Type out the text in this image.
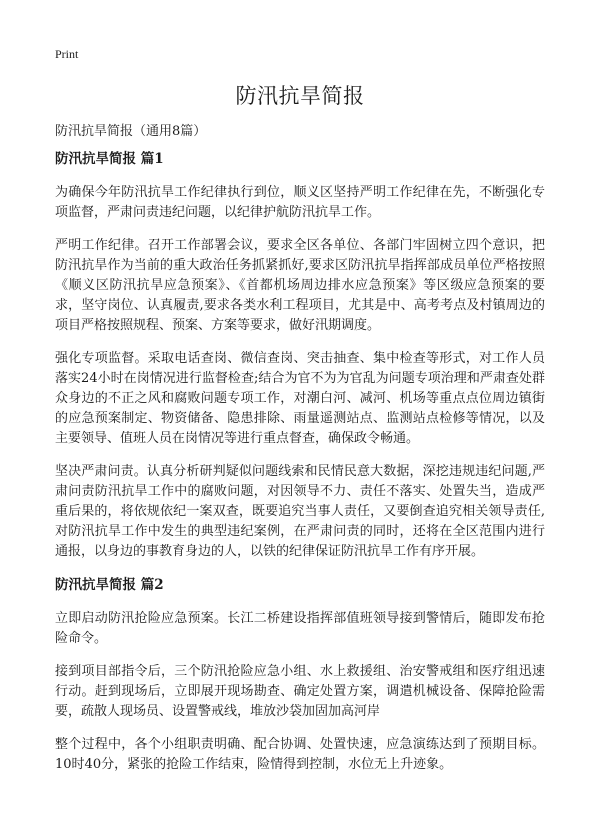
Print
防汛抗旱简报

防汛抗旱简报（通用8篇）

防汛抗旱简报 篇1

为确保今年防汛抗旱工作纪律执行到位，顺义区坚持严明工作纪律在先，不断强化专项监督，严肃问责违纪问题，以纪律护航防汛抗旱工作。

严明工作纪律。召开工作部署会议，要求全区各单位、各部门牢固树立四个意识，把防汛抗旱作为当前的重大政治任务抓紧抓好,要求区防汛抗旱指挥部成员单位严格按照《顺义区防汛抗旱应急预案》、《首都机场周边排水应急预案》等区级应急预案的要求，坚守岗位、认真履责,要求各类水利工程项目，尤其是中、高考考点及村镇周边的项目严格按照规程、预案、方案等要求，做好汛期调度。

强化专项监督。采取电话查岗、微信查岗、突击抽查、集中检查等形式，对工作人员落实24小时在岗情况进行监督检查;结合为官不为为官乱为问题专项治理和严肃查处群众身边的不正之风和腐败问题专项工作，对潮白河、减河、机场等重点点位周边镇街的应急预案制定、物资储备、隐患排除、雨量遥测站点、监测站点检修等情况，以及主要领导、值班人员在岗情况等进行重点督查，确保政令畅通。

坚决严肃问责。认真分析研判疑似问题线索和民情民意大数据，深挖违规违纪问题,严肃问责防汛抗旱工作中的腐败问题，对因领导不力、责任不落实、处置失当，造成严重后果的，将依规依纪一案双查，既要追究当事人责任，又要倒查追究相关领导责任,对防汛抗旱工作中发生的典型违纪案例，在严肃问责的同时，还将在全区范围内进行通报，以身边的事教育身边的人，以铁的纪律保证防汛抗旱工作有序开展。

防汛抗旱简报 篇2

立即启动防汛抢险应急预案。长江二桥建设指挥部值班领导接到警情后，随即发布抢险命令。

接到项目部指令后，三个防汛抢险应急小组、水上救援组、治安警戒组和医疗组迅速行动。赶到现场后，立即展开现场勘查、确定处置方案，调遣机械设备、保障抢险需要，疏散人现场员、设置警戒线，堆放沙袋加固加高河岸

整个过程中，各个小组职责明确、配合协调、处置快速，应急演练达到了预期目标。10时40分，紧张的抢险工作结束，险情得到控制，水位无上升迹象。
